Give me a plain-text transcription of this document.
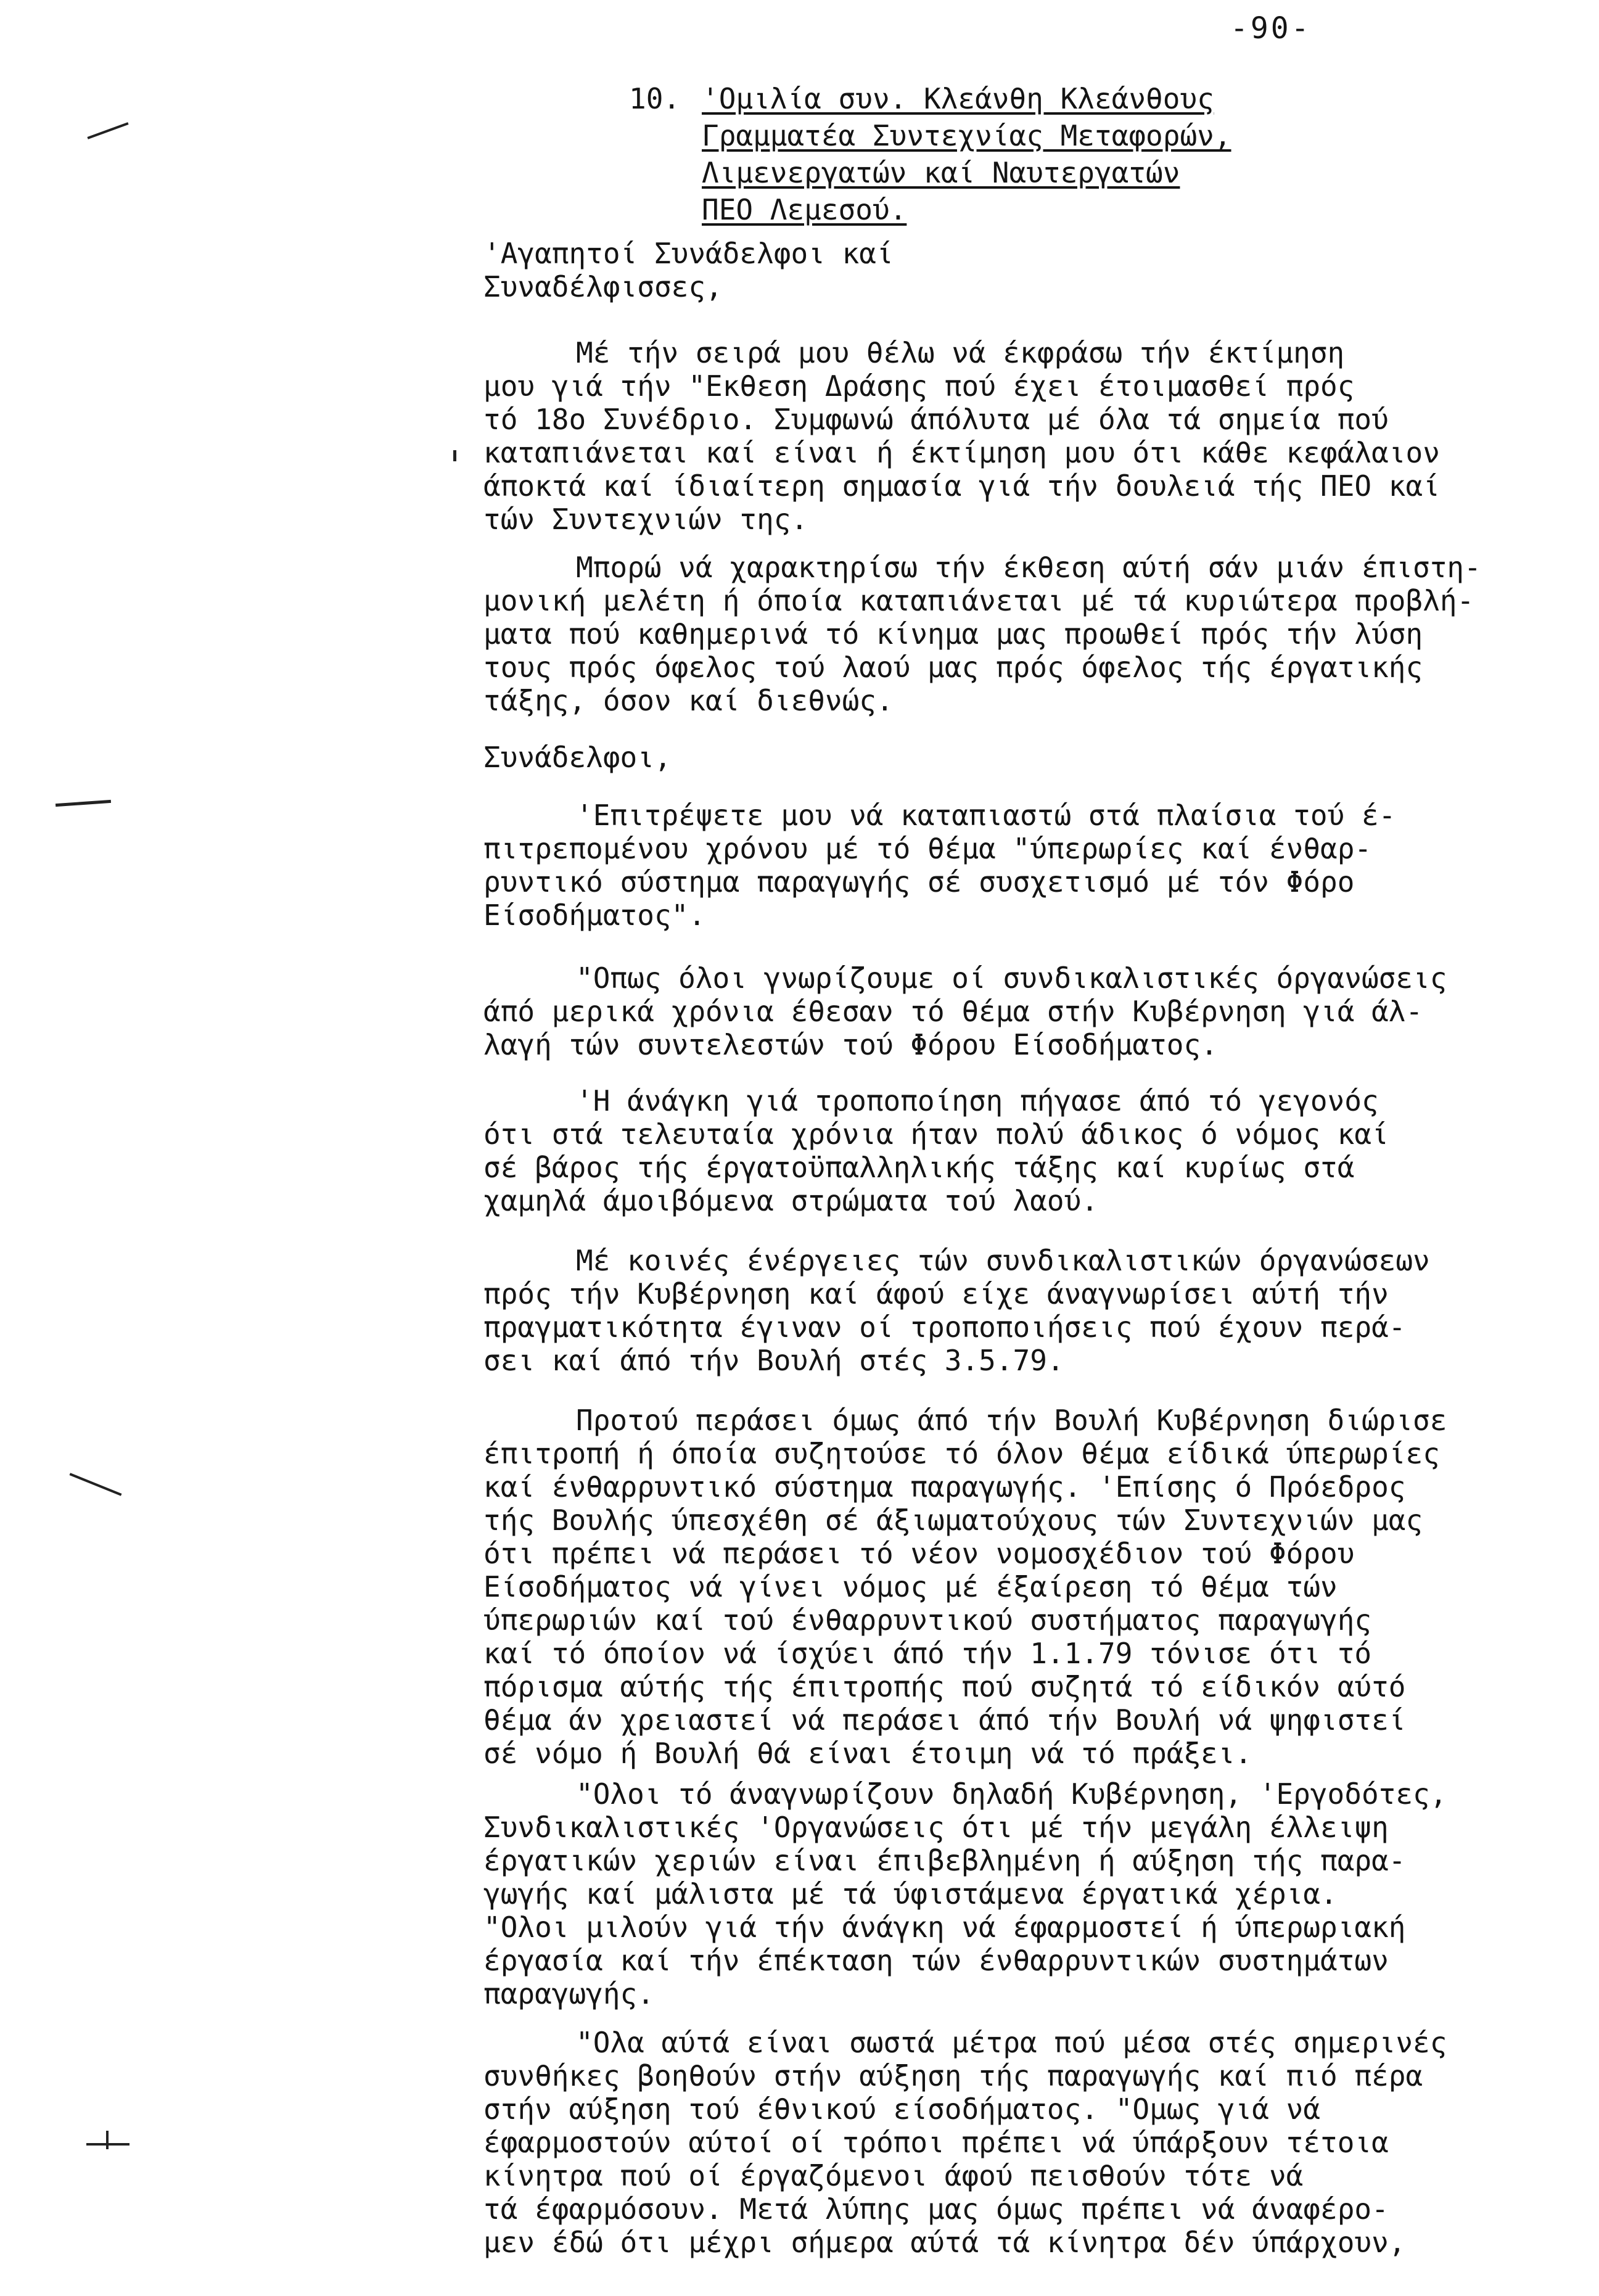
-90-
10. 'Ομιλία συν. Κλεάνθη Κλεάνθους
Γραμματέα Συντεχνίας Μεταφορών,
Λιμενεργατών καί Ναυτεργατών
ΠΕΟ Λεμεσού.
'Αγαπητοί Συνάδελφοι καί
Συναδέλφισσες,
Μέ τήν σειρά μου θέλω νά έκφράσω τήν έκτίμηση
μου γιά τήν "Εκθεση Δράσης πού έχει έτοιμασθεί πρός
τό 18ο Συνέδριο. Συμφωνώ άπόλυτα μέ όλα τά σημεία πού
καταπιάνεται καί είναι ή έκτίμηση μου ότι κάθε κεφάλαιον
άποκτά καί ίδιαίτερη σημασία γιά τήν δουλειά τής ΠΕΟ καί
τών Συντεχνιών της.
Μπορώ νά χαρακτηρίσω τήν έκθεση αύτή σάν μιάν έπιστη-
μονική μελέτη ή όποία καταπιάνεται μέ τά κυριώτερα προβλή-
ματα πού καθημερινά τό κίνημα μας προωθεί πρός τήν λύση
τους πρός όφελος τού λαού μας πρός όφελος τής έργατικής
τάξης, όσον καί διεθνώς.
Συνάδελφοι,
'Επιτρέψετε μου νά καταπιαστώ στά πλαίσια τού έ-
πιτρεπομένου χρόνου μέ τό θέμα "ύπερωρίες καί ένθαρ-
ρυντικό σύστημα παραγωγής σέ συσχετισμό μέ τόν Φόρο
Είσοδήματος".
"Οπως όλοι γνωρίζουμε οί συνδικαλιστικές όργανώσεις
άπό μερικά χρόνια έθεσαν τό θέμα στήν Κυβέρνηση γιά άλ-
λαγή τών συντελεστών τού Φόρου Είσοδήματος.
'Η άνάγκη γιά τροποποίηση πήγασε άπό τό γεγονός
ότι στά τελευταία χρόνια ήταν πολύ άδικος ό νόμος καί
σέ βάρος τής έργατοϋπαλληλικής τάξης καί κυρίως στά
χαμηλά άμοιβόμενα στρώματα τού λαού.
Μέ κοινές ένέργειες τών συνδικαλιστικών όργανώσεων
πρός τήν Κυβέρνηση καί άφού είχε άναγνωρίσει αύτή τήν
πραγματικότητα έγιναν οί τροποποιήσεις πού έχουν περά-
σει καί άπό τήν Βουλή στές 3.5.79.
Προτού περάσει όμως άπό τήν Βουλή Κυβέρνηση διώρισε
έπιτροπή ή όποία συζητούσε τό όλον θέμα είδικά ύπερωρίες
καί ένθαρρυντικό σύστημα παραγωγής. 'Επίσης ό Πρόεδρος
τής Βουλής ύπεσχέθη σέ άξιωματούχους τών Συντεχνιών μας
ότι πρέπει νά περάσει τό νέον νομοσχέδιον τού Φόρου
Είσοδήματος νά γίνει νόμος μέ έξαίρεση τό θέμα τών
ύπερωριών καί τού ένθαρρυντικού συστήματος παραγωγής
καί τό όποίον νά ίσχύει άπό τήν 1.1.79 τόνισε ότι τό
πόρισμα αύτής τής έπιτροπής πού συζητά τό είδικόν αύτό
θέμα άν χρειαστεί νά περάσει άπό τήν Βουλή νά ψηφιστεί
σέ νόμο ή Βουλή θά είναι έτοιμη νά τό πράξει.
"Ολοι τό άναγνωρίζουν δηλαδή Κυβέρνηση, 'Εργοδότες,
Συνδικαλιστικές 'Οργανώσεις ότι μέ τήν μεγάλη έλλειψη
έργατικών χεριών είναι έπιβεβλημένη ή αύξηση τής παρα-
γωγής καί μάλιστα μέ τά ύφιστάμενα έργατικά χέρια.
"Ολοι μιλούν γιά τήν άνάγκη νά έφαρμοστεί ή ύπερωριακή
έργασία καί τήν έπέκταση τών ένθαρρυντικών συστημάτων
παραγωγής.
"Ολα αύτά είναι σωστά μέτρα πού μέσα στές σημερινές
συνθήκες βοηθούν στήν αύξηση τής παραγωγής καί πιό πέρα
στήν αύξηση τού έθνικού είσοδήματος. "Ομως γιά νά
έφαρμοστούν αύτοί οί τρόποι πρέπει νά ύπάρξουν τέτοια
κίνητρα πού οί έργαζόμενοι άφού πεισθούν τότε νά
τά έφαρμόσουν. Μετά λύπης μας όμως πρέπει νά άναφέρο-
μεν έδώ ότι μέχρι σήμερα αύτά τά κίνητρα δέν ύπάρχουν,
